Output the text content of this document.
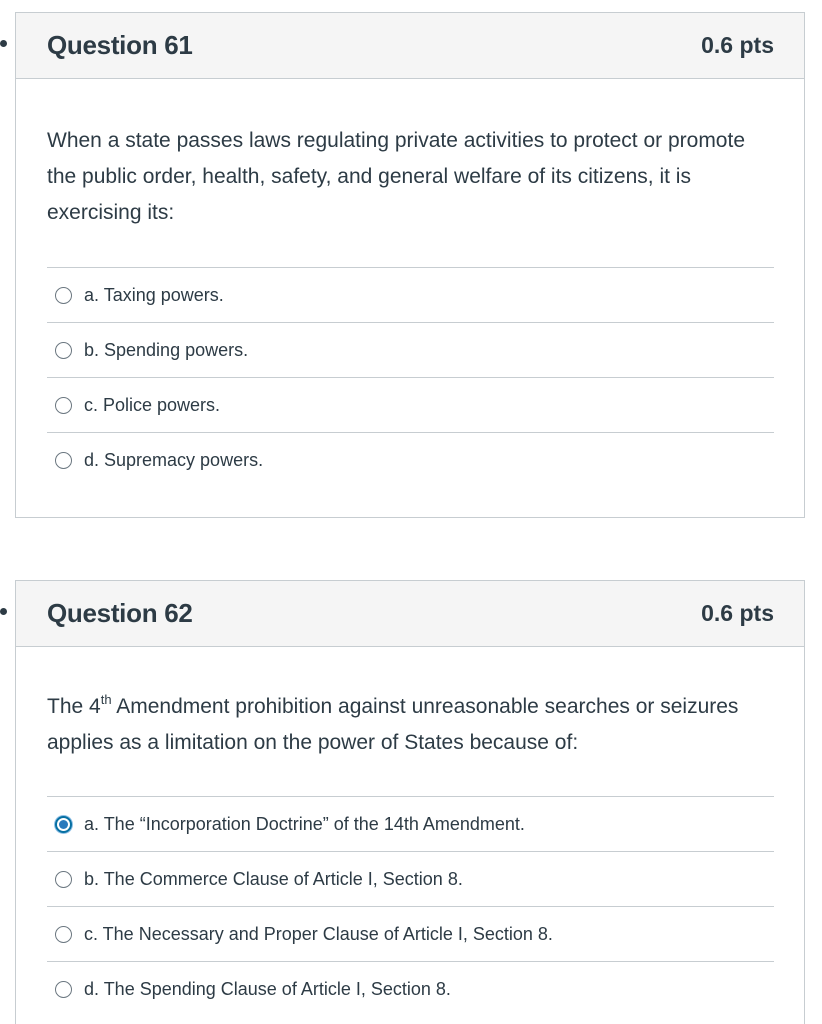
Question 61	0.6 pts

When a state passes laws regulating private activities to protect or promote the public order, health, safety, and general welfare of its citizens, it is exercising its:

a. Taxing powers.
b. Spending powers.
c. Police powers.
d. Supremacy powers.
Question 62	0.6 pts

The 4th Amendment prohibition against unreasonable searches or seizures applies as a limitation on the power of States because of:

a. The “Incorporation Doctrine” of the 14th Amendment.
b. The Commerce Clause of Article I, Section 8.
c. The Necessary and Proper Clause of Article I, Section 8.
d. The Spending Clause of Article I, Section 8.
